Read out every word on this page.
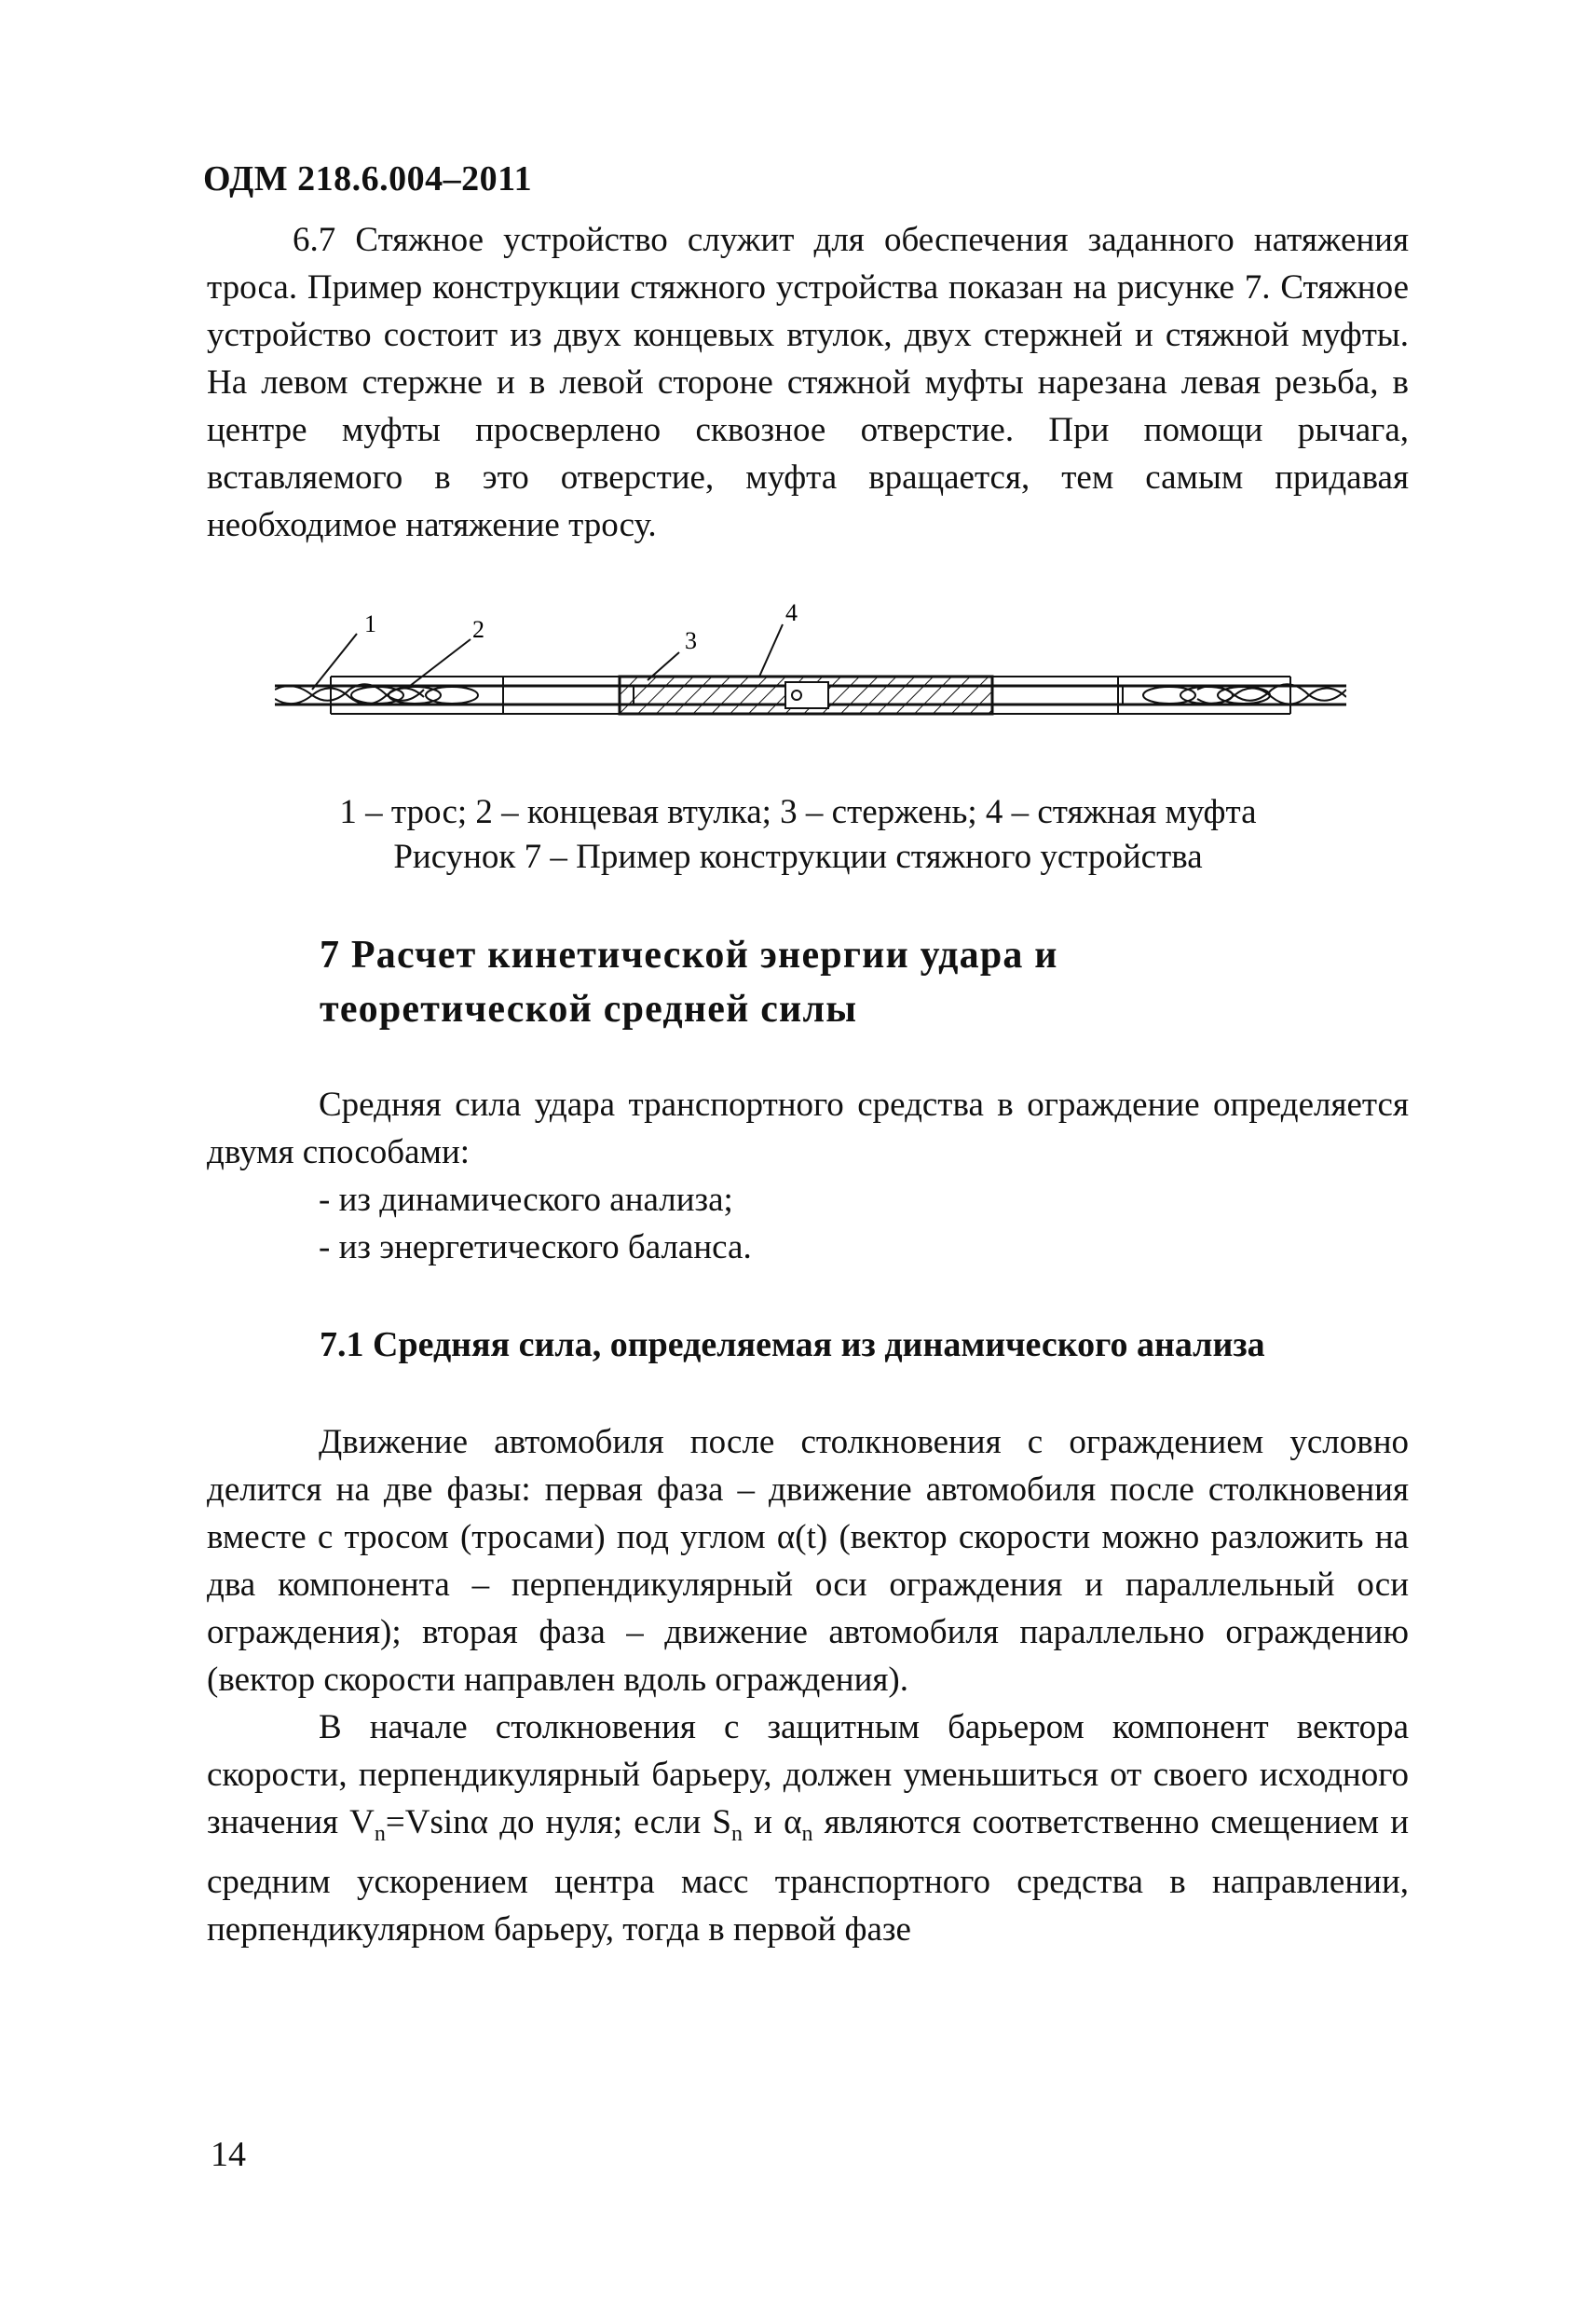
ОДМ 218.6.004–2011
6.7 Стяжное устройство служит для обеспечения заданного натяжения троса. Пример конструкции стяжного устройства показан на рисунке 7. Стяжное устройство состоит из двух концевых втулок, двух стержней и стяжной муфты. На левом стержне и в левой стороне стяжной муфты нарезана левая резьба, в центре муфты просверлено сквозное отверстие. При помощи рычага, вставляемого в это отверстие, муфта вращается, тем самым придавая необходимое натяжение тросу.
1	2	3
4
1 – трос; 2 – концевая втулка; 3 – стержень; 4 – стяжная муфта
Рисунок 7 – Пример конструкции стяжного устройства
7 Расчет кинетической энергии удара и
теоретической средней силы
Средняя сила удара транспортного средства в ограждение определяется двумя способами:
- из динамического анализа;
- из энергетического баланса.
7.1 Средняя сила, определяемая из динамического анализа
Движение автомобиля после столкновения с ограждением условно делится на две фазы: первая фаза – движение автомобиля после столкновения вместе с тросом (тросами) под углом α(t) (вектор скорости можно разложить на два компонента – перпендикулярный оси ограждения и параллельный оси ограждения); вторая фаза – движение автомобиля параллельно ограждению (вектор скорости направлен вдоль ограждения).
В начале столкновения с защитным барьером компонент вектора скорости, перпендикулярный барьеру, должен уменьшиться от своего исходного значения $V_n=Vsin\alpha$ до нуля; если $S_n$ и $\alpha_n$ являются соответственно смещением и средним ускорением центра масс транспортного средства в направлении, перпендикулярном барьеру, тогда в первой фазе
14
